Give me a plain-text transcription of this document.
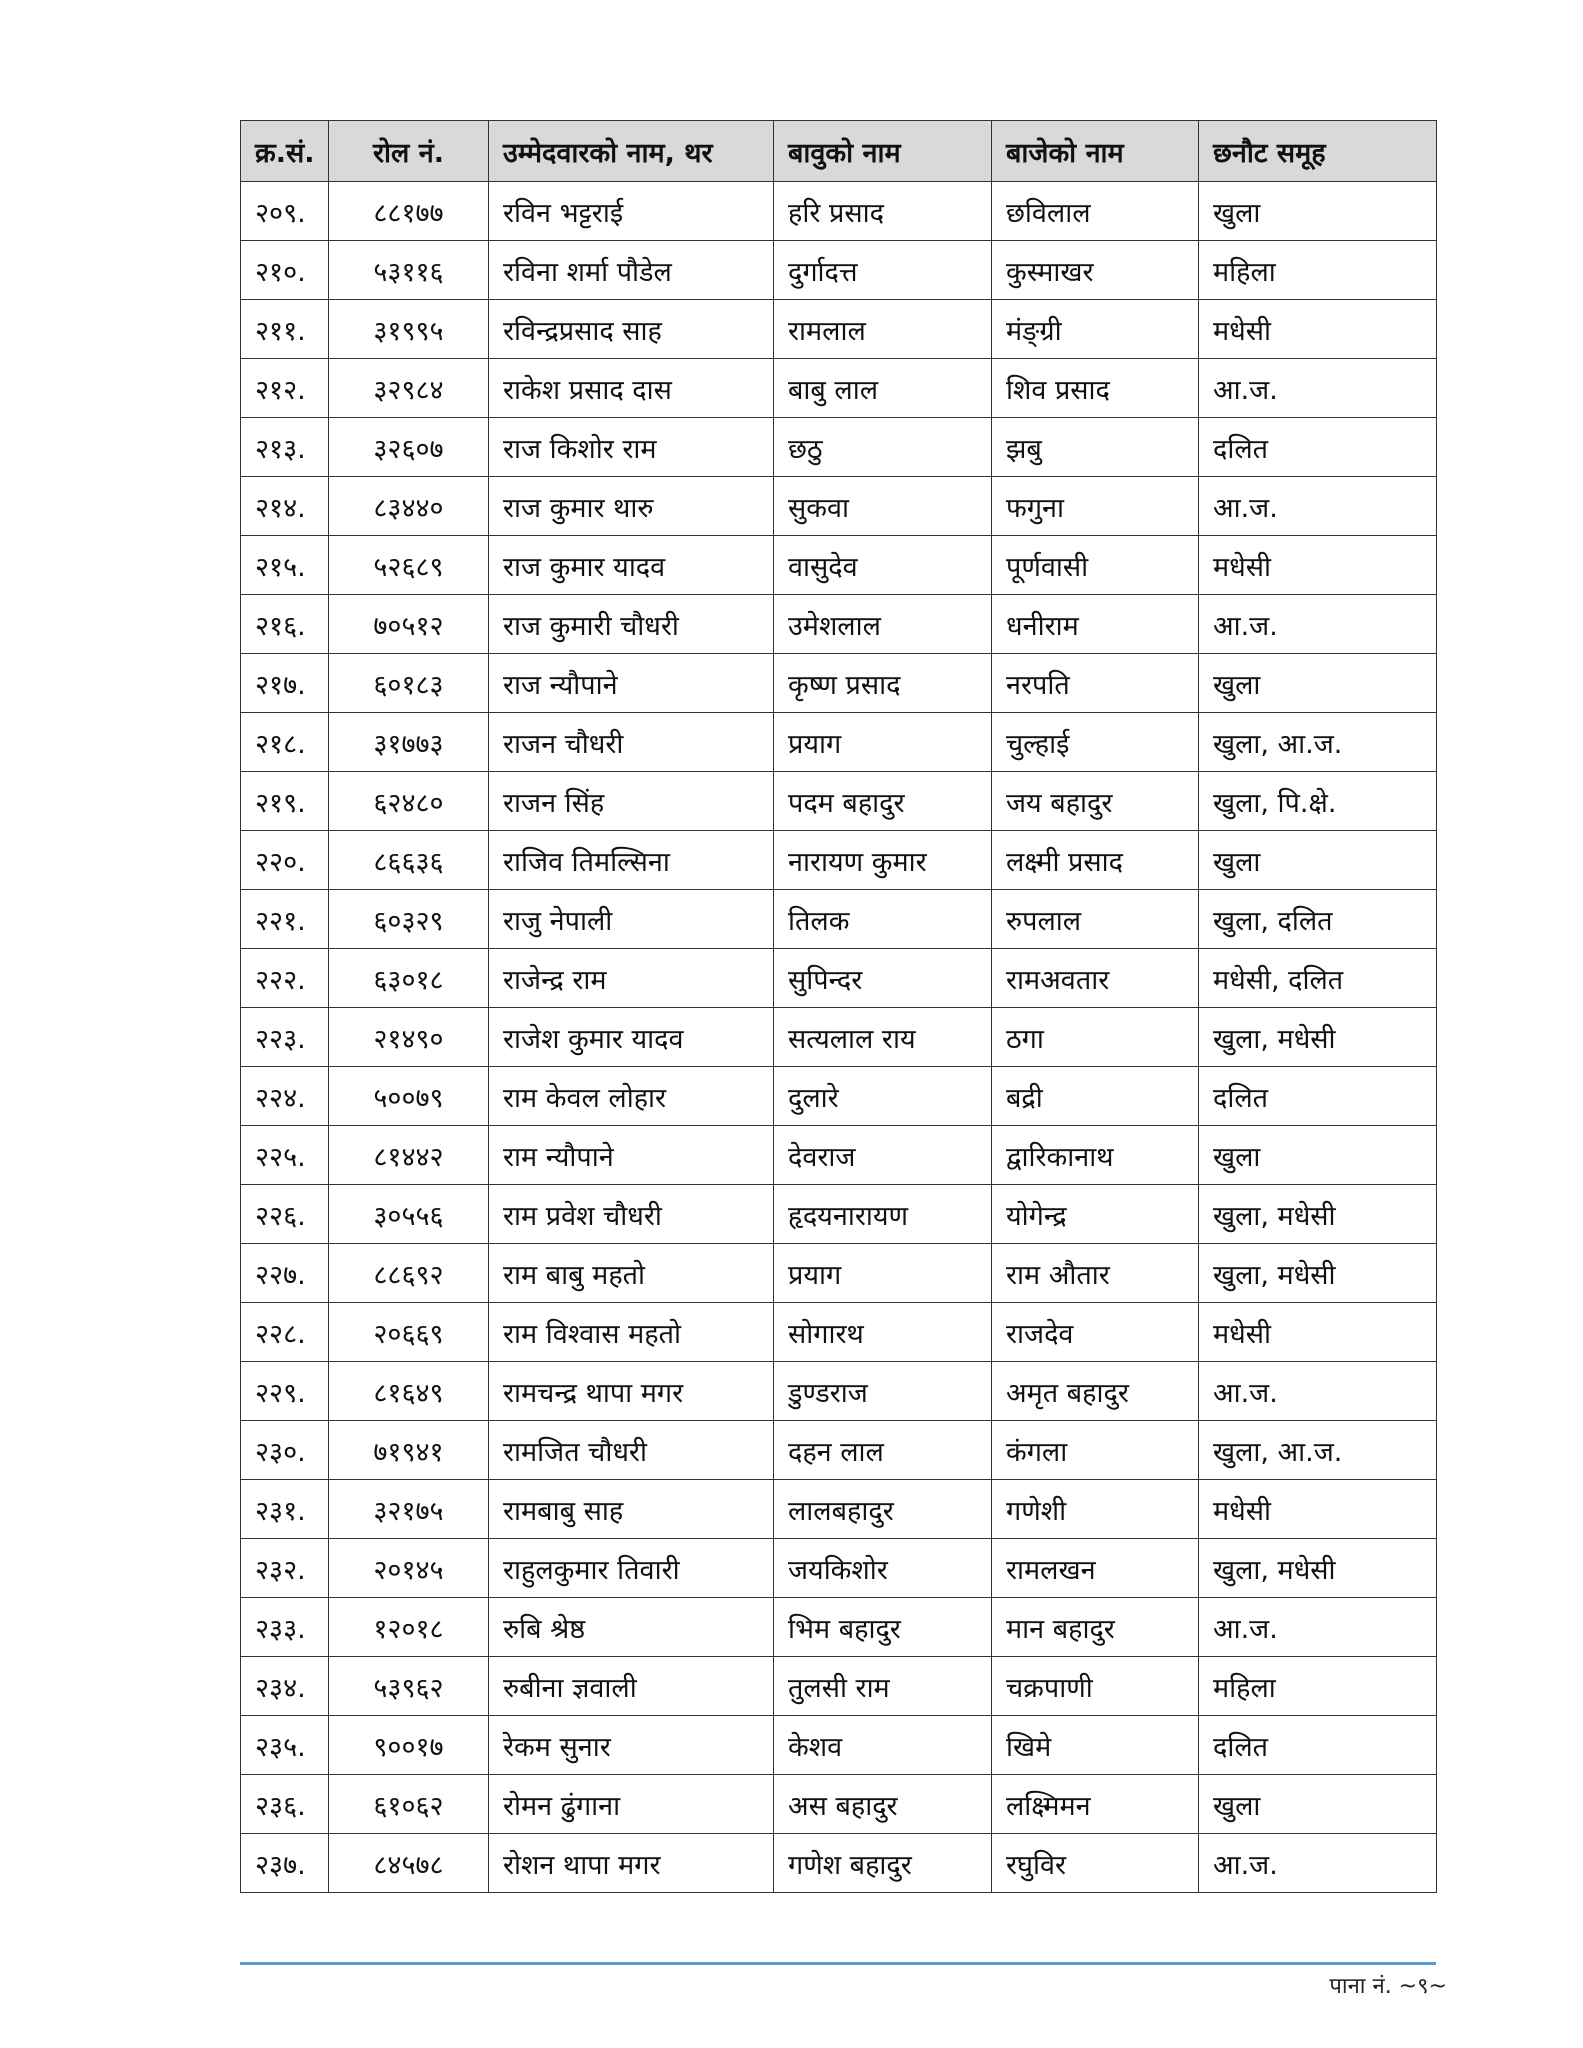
क्र.सं.	रोल नं.	उम्मेदवारको नाम, थर	बावुको नाम	बाजेको नाम	छनौट समूह
२०९.	८८१७७	रविन भट्टराई	हरि प्रसाद	छविलाल	खुला
२१०.	५३११६	रविना शर्मा पौडेल	दुर्गादत्त	कुस्माखर	महिला
२११.	३१९९५	रविन्द्रप्रसाद साह	रामलाल	मंङ्ग्री	मधेसी
२१२.	३२९८४	राकेश प्रसाद दास	बाबु लाल	शिव प्रसाद	आ.ज.
२१३.	३२६०७	राज किशोर राम	छठु	झबु	दलित
२१४.	८३४४०	राज कुमार थारु	सुकवा	फगुना	आ.ज.
२१५.	५२६८९	राज कुमार यादव	वासुदेव	पूर्णवासी	मधेसी
२१६.	७०५१२	राज कुमारी चौधरी	उमेशलाल	धनीराम	आ.ज.
२१७.	६०१८३	राज न्यौपाने	कृष्ण प्रसाद	नरपति	खुला
२१८.	३१७७३	राजन चौधरी	प्रयाग	चुल्हाई	खुला, आ.ज.
२१९.	६२४८०	राजन सिंह	पदम बहादुर	जय बहादुर	खुला, पि.क्षे.
२२०.	८६६३६	राजिव तिमल्सिना	नारायण कुमार	लक्ष्मी प्रसाद	खुला
२२१.	६०३२९	राजु नेपाली	तिलक	रुपलाल	खुला, दलित
२२२.	६३०१८	राजेन्द्र राम	सुपिन्दर	रामअवतार	मधेसी, दलित
२२३.	२१४९०	राजेश कुमार यादव	सत्यलाल राय	ठगा	खुला, मधेसी
२२४.	५००७९	राम केवल लोहार	दुलारे	बद्री	दलित
२२५.	८१४४२	राम न्यौपाने	देवराज	द्वारिकानाथ	खुला
२२६.	३०५५६	राम प्रवेश चौधरी	हृदयनारायण	योगेन्द्र	खुला, मधेसी
२२७.	८८६९२	राम बाबु महतो	प्रयाग	राम औतार	खुला, मधेसी
२२८.	२०६६९	राम विश्वास महतो	सोगारथ	राजदेव	मधेसी
२२९.	८१६४९	रामचन्द्र थापा मगर	डुण्डराज	अमृत बहादुर	आ.ज.
२३०.	७१९४१	रामजित चौधरी	दहन लाल	कंगला	खुला, आ.ज.
२३१.	३२१७५	रामबाबु साह	लालबहादुर	गणेशी	मधेसी
२३२.	२०१४५	राहुलकुमार तिवारी	जयकिशोर	रामलखन	खुला, मधेसी
२३३.	१२०१८	रुबि श्रेष्ठ	भिम बहादुर	मान बहादुर	आ.ज.
२३४.	५३९६२	रुबीना ज्ञवाली	तुलसी राम	चक्रपाणी	महिला
२३५.	९००१७	रेकम सुनार	केशव	खिमे	दलित
२३६.	६१०६२	रोमन ढुंगाना	अस बहादुर	लक्ष्मिमन	खुला
२३७.	८४५७८	रोशन थापा मगर	गणेश बहादुर	रघुविर	आ.ज.
पाना नं. ~९~
